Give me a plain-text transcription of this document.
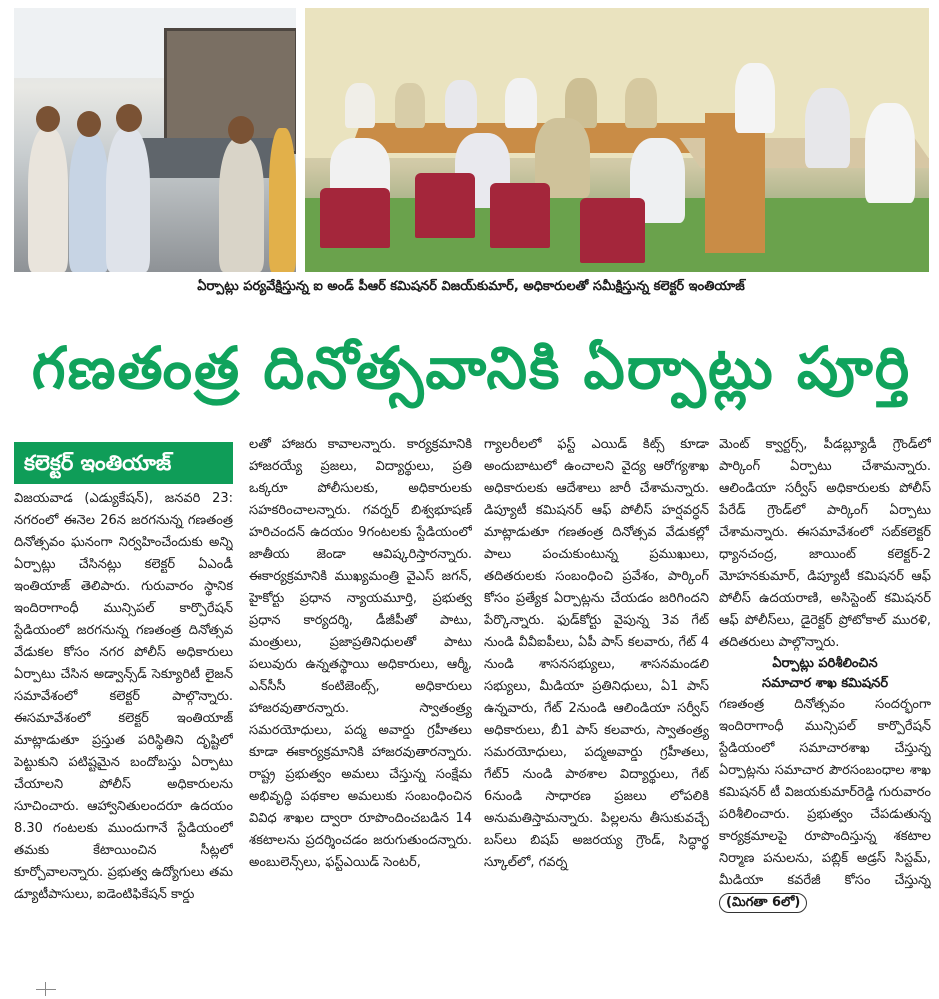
ఏర్పాట్లు పర్యవేక్షిస్తున్న ఐ అండ్ పీఆర్ కమిషనర్ విజయ్‌కుమార్, అధికారులతో సమీక్షిస్తున్న కలెక్టర్ ఇంతియాజ్
గణతంత్ర దినోత్సవానికి ఏర్పాట్లు పూర్తి
కలెక్టర్ ఇంతియాజ్

విజయవాడ (ఎడ్యుకేషన్), జనవరి 23: నగరంలో ఈనెల 26న జరగనున్న గణతంత్ర దినోత్సవం ఘనంగా నిర్వహించేందుకు అన్ని ఏర్పాట్లు చేసినట్లు కలెక్టర్ ఏఎండీ ఇంతియాజ్ తెలిపారు. గురువారం స్థానిక ఇందిరాగాంధీ మున్సిపల్ కార్పొరేషన్ స్టేడియంలో జరగనున్న గణతంత్ర దినోత్సవ వేడుకల కోసం నగర పోలీస్ అధికారులు ఏర్పాటు చేసిన అడ్వాన్స్‌డ్ సెక్యూరిటీ లైజన్ సమావేశంలో కలెక్టర్ పాల్గొన్నారు. ఈసమావేశంలో కలెక్టర్ ఇంతియాజ్ మాట్లాడుతూ ప్రస్తుత పరిస్థితిని దృష్టిలో పెట్టుకుని పటిష్టమైన బందోబస్తు ఏర్పాటు చేయాలని పోలీస్ అధికారులను సూచించారు. ఆహ్వానితులందరూ ఉదయం 8.30 గంటలకు ముందుగానే స్టేడియంలో తమకు కేటాయించిన సీట్లలో కూర్చోవాలన్నారు. ప్రభుత్వ ఉద్యోగులు తమ డ్యూటీపాసులు, ఐడెంటిఫికేషన్ కార్డు

లతో హాజరు కావాలన్నారు. కార్యక్రమానికి హాజరయ్యే ప్రజలు, విద్యార్థులు, ప్రతి ఒక్కరూ పోలీసులకు, అధికారులకు సహకరించాలన్నారు. గవర్నర్ బిశ్వభూషణ్ హరిచందన్ ఉదయం 9గంటలకు స్టేడియంలో జాతీయ జెండా ఆవిష్కరిస్తారన్నారు. ఈకార్యక్రమానికి ముఖ్యమంత్రి వైఎస్ జగన్, హైకోర్టు ప్రధాన న్యాయమూర్తి, ప్రభుత్వ ప్రధాన కార్యదర్శి, డీజీపీతో పాటు, మంత్రులు, ప్రజాప్రతినిధులతో పాటు పలువురు ఉన్నతస్థాయి అధికారులు, ఆర్మీ, ఎన్‌సీసీ కంటిజెంట్స్, అధికారులు హాజరవుతారన్నారు. స్వాతంత్ర్య సమరయోధులు, పద్మ అవార్డు గ్రహీతలు కూడా ఈకార్యక్రమానికి హాజరవుతారన్నారు. రాష్ట్ర ప్రభుత్వం అమలు చేస్తున్న సంక్షేమ అభివృద్ధి పథకాల అమలుకు సంబంధించిన వివిధ శాఖల ద్వారా రూపొందించబడిన 14 శకటాలను ప్రదర్శించడం జరుగుతుందన్నారు. అంబులెన్స్‌లు, ఫస్ట్‌ఎయిడ్ సెంటర్,

గ్యాలరీలలో ఫస్ట్ ఎయిడ్ కిట్స్ కూడా అందుబాటులో ఉంచాలని వైద్య ఆరోగ్యశాఖ అధికారులకు ఆదేశాలు జారీ చేశామన్నారు. డిప్యూటీ కమిషనర్ ఆఫ్ పోలీస్ హర్షవర్ధన్ మాట్లాడుతూ గణతంత్ర దినోత్సవ వేడుకల్లో పాలు పంచుకుంటున్న ప్రముఖులు, తదితరులకు సంబంధించి ప్రవేశం, పార్కింగ్ కోసం ప్రత్యేక ఏర్పాట్లను చేయడం జరిగిందని పేర్కొన్నారు. ఫుడ్‌కోర్టు వైపున్న 3వ గేట్ నుండి వీవీఐపీలు, ఏపీ పాస్ కలవారు, గేట్ 4 నుండి శాసనసభ్యులు, శాసనమండలి సభ్యులు, మీడియా ప్రతినిధులు, ఏ1 పాస్ ఉన్నవారు, గేట్ 2నుండి ఆలిండియా సర్వీస్ అధికారులు, బీ1 పాస్ కలవారు, స్వాతంత్ర్య సమరయోధులు, పద్మఅవార్డు గ్రహీతలు, గేట్5 నుండి పాఠశాల విద్యార్థులు, గేట్ 6నుండి సాధారణ ప్రజలు లోపలికి అనుమతిస్తామన్నారు. పిల్లలను తీసుకువచ్చే బస్‌లు బిషప్ అజరయ్య గ్రౌండ్, సిద్ధార్థ స్కూల్‌లో, గవర్న

మెంట్ క్వార్టర్స్, పీడబ్ల్యూడీ గ్రౌండ్‌లో పార్కింగ్ ఏర్పాటు చేశామన్నారు. ఆలిండియా సర్వీస్ అధికారులకు పోలీస్ పేరేడ్ గ్రౌండ్‌లో పార్కింగ్ ఏర్పాటు చేశామన్నారు. ఈసమావేశంలో సబ్‌కలెక్టర్ ధ్యానచంద్ర, జాయింట్ కలెక్టర్-2 మోహనకుమార్, డిప్యూటీ కమిషనర్ ఆఫ్ పోలీస్ ఉదయరాణి, అసిస్టెంట్ కమిషనర్ ఆఫ్ పోలీస్‌లు, డైరెక్టర్ ప్రోటోకాల్ మురళి, తదితరులు పాల్గొన్నారు.

ఏర్పాట్లు పరిశీలించిన

సమాచార శాఖ కమిషనర్

గణతంత్ర దినోత్సవం సందర్భంగా ఇందిరాగాంధీ మున్సిపల్ కార్పొరేషన్ స్టేడియంలో సమాచారశాఖ చేస్తున్న ఏర్పాట్లను సమాచార పౌరసంబంధాల శాఖ కమిషనర్ టీ విజయకుమార్‌రెడ్డి గురువారం పరిశీలించారు. ప్రభుత్వం చేపడుతున్న కార్యక్రమాలపై రూపొందిస్తున్న శకటాల నిర్మాణ పనులను, పబ్లిక్ అడ్రస్ సిస్టమ్, మీడియా కవరేజీ కోసం చేస్తున్న (మిగతా 6లో)
